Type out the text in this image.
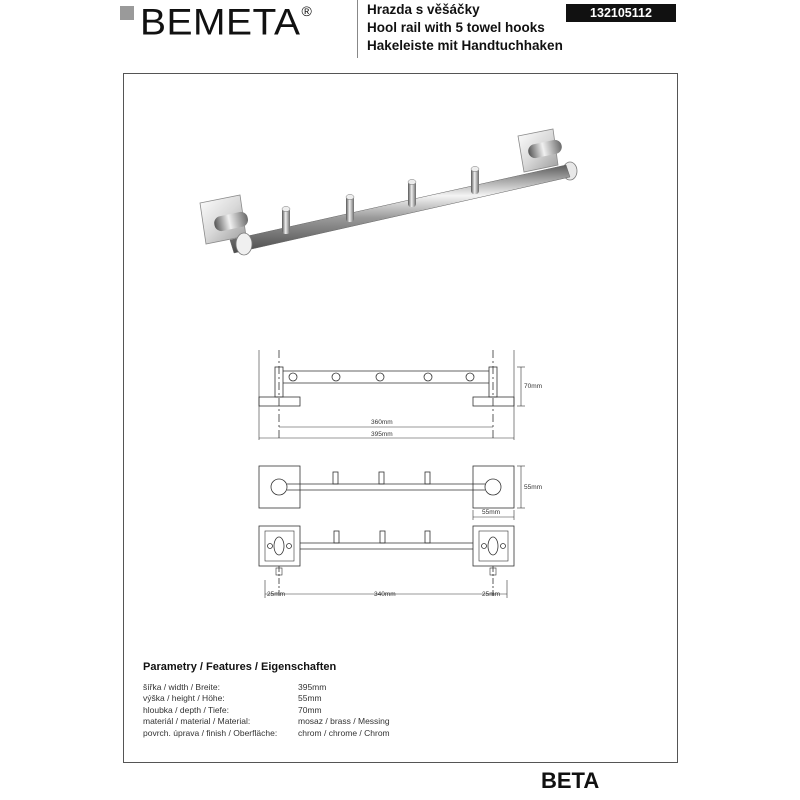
BEMETA ®	Hrazda s věšáčky
Hool rail with 5 towel hooks
Hakeleiste mit Handtuchhaken
132105112
70mm
360mm
395mm
55mm
55mm
25mm	340mm	25mm
Parametry / Features / Eigenschaften
šířka / width / Breite:	395mm
výška / height / Höhe:	55mm
hloubka / depth / Tiefe:	70mm
materiál / material / Material:	mosaz / brass / Messing
povrch. úprava / finish / Oberfläche:	chrom / chrome / Chrom
BETA
